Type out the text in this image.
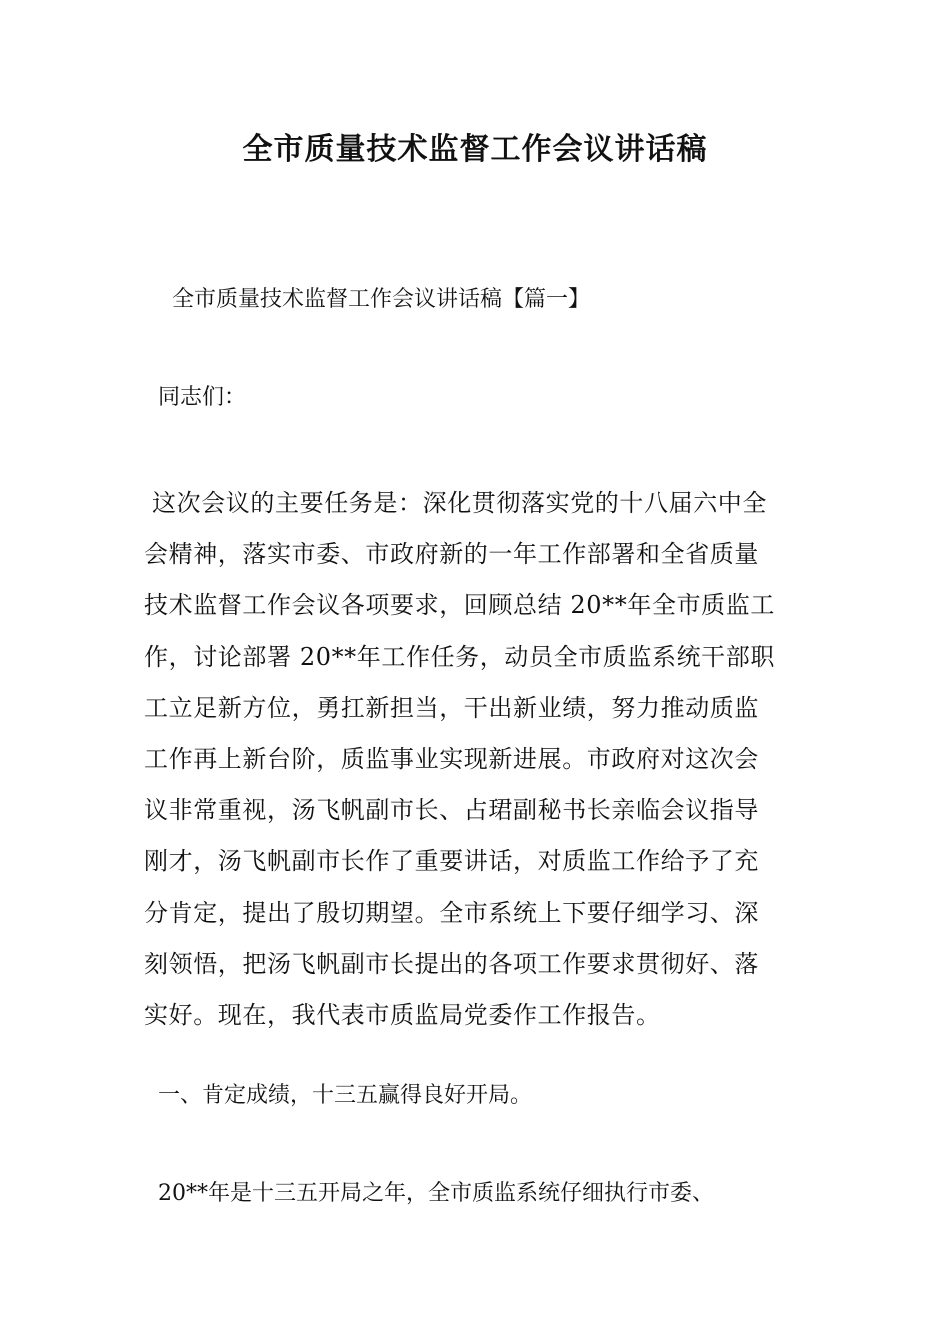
全市质量技术监督工作会议讲话稿
全市质量技术监督工作会议讲话稿【篇一】
同志们：

这次会议的主要任务是：深化贯彻落实党的十八届六中全
会精神，落实市委、市政府新的一年工作部署和全省质量
技术监督工作会议各项要求，回顾总结 20**年全市质监工
作，讨论部署 20**年工作任务，动员全市质监系统干部职
工立足新方位，勇扛新担当，干出新业绩，努力推动质监
工作再上新台阶，质监事业实现新进展。市政府对这次会
议非常重视，汤飞帆副市长、占珺副秘书长亲临会议指导
刚才，汤飞帆副市长作了重要讲话，对质监工作给予了充
分肯定，提出了殷切期望。全市系统上下要仔细学习、深
刻领悟，把汤飞帆副市长提出的各项工作要求贯彻好、落
实好。现在，我代表市质监局党委作工作报告。

一、肯定成绩，十三五赢得良好开局。
20**年是十三五开局之年，全市质监系统仔细执行市委、
